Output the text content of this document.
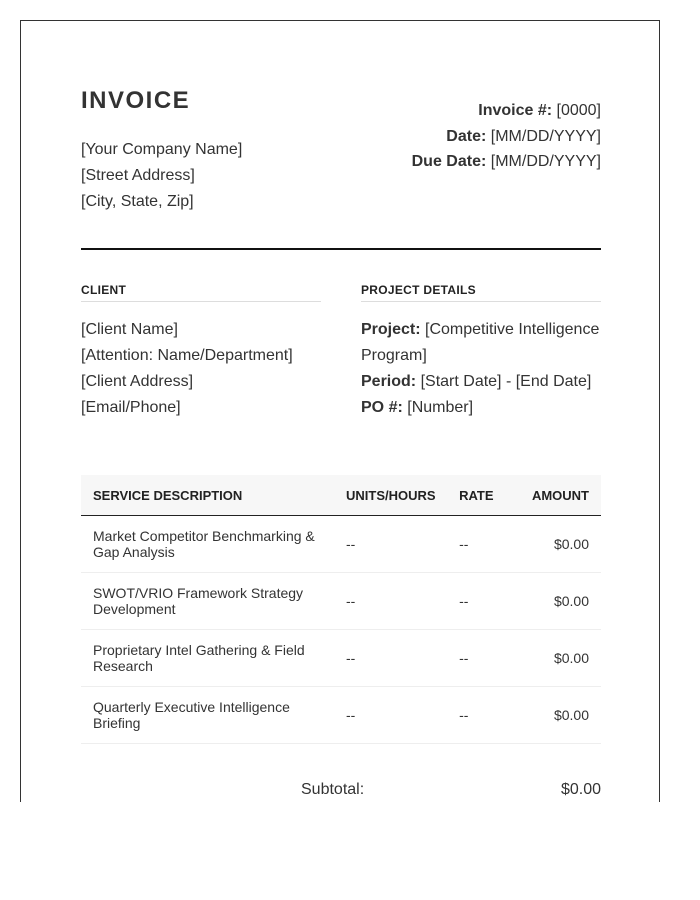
INVOICE
[Your Company Name]
[Street Address]
[City, State, Zip]
Invoice #: [0000]
Date: [MM/DD/YYYY]
Due Date: [MM/DD/YYYY]
CLIENT	PROJECT DETAILS
[Client Name]
[Attention: Name/Department]
[Client Address]
[Email/Phone]
Project: [Competitive Intelligence Program]
Period: [Start Date] - [End Date]
PO #: [Number]
SERVICE DESCRIPTION	UNITS/HOURS	RATE	AMOUNT
Market Competitor Benchmarking & Gap Analysis	--	--	$0.00
SWOT/VRIO Framework Strategy Development	--	--	$0.00
Proprietary Intel Gathering & Field Research	--	--	$0.00
Quarterly Executive Intelligence Briefing	--	--	$0.00
Subtotal:	$0.00
